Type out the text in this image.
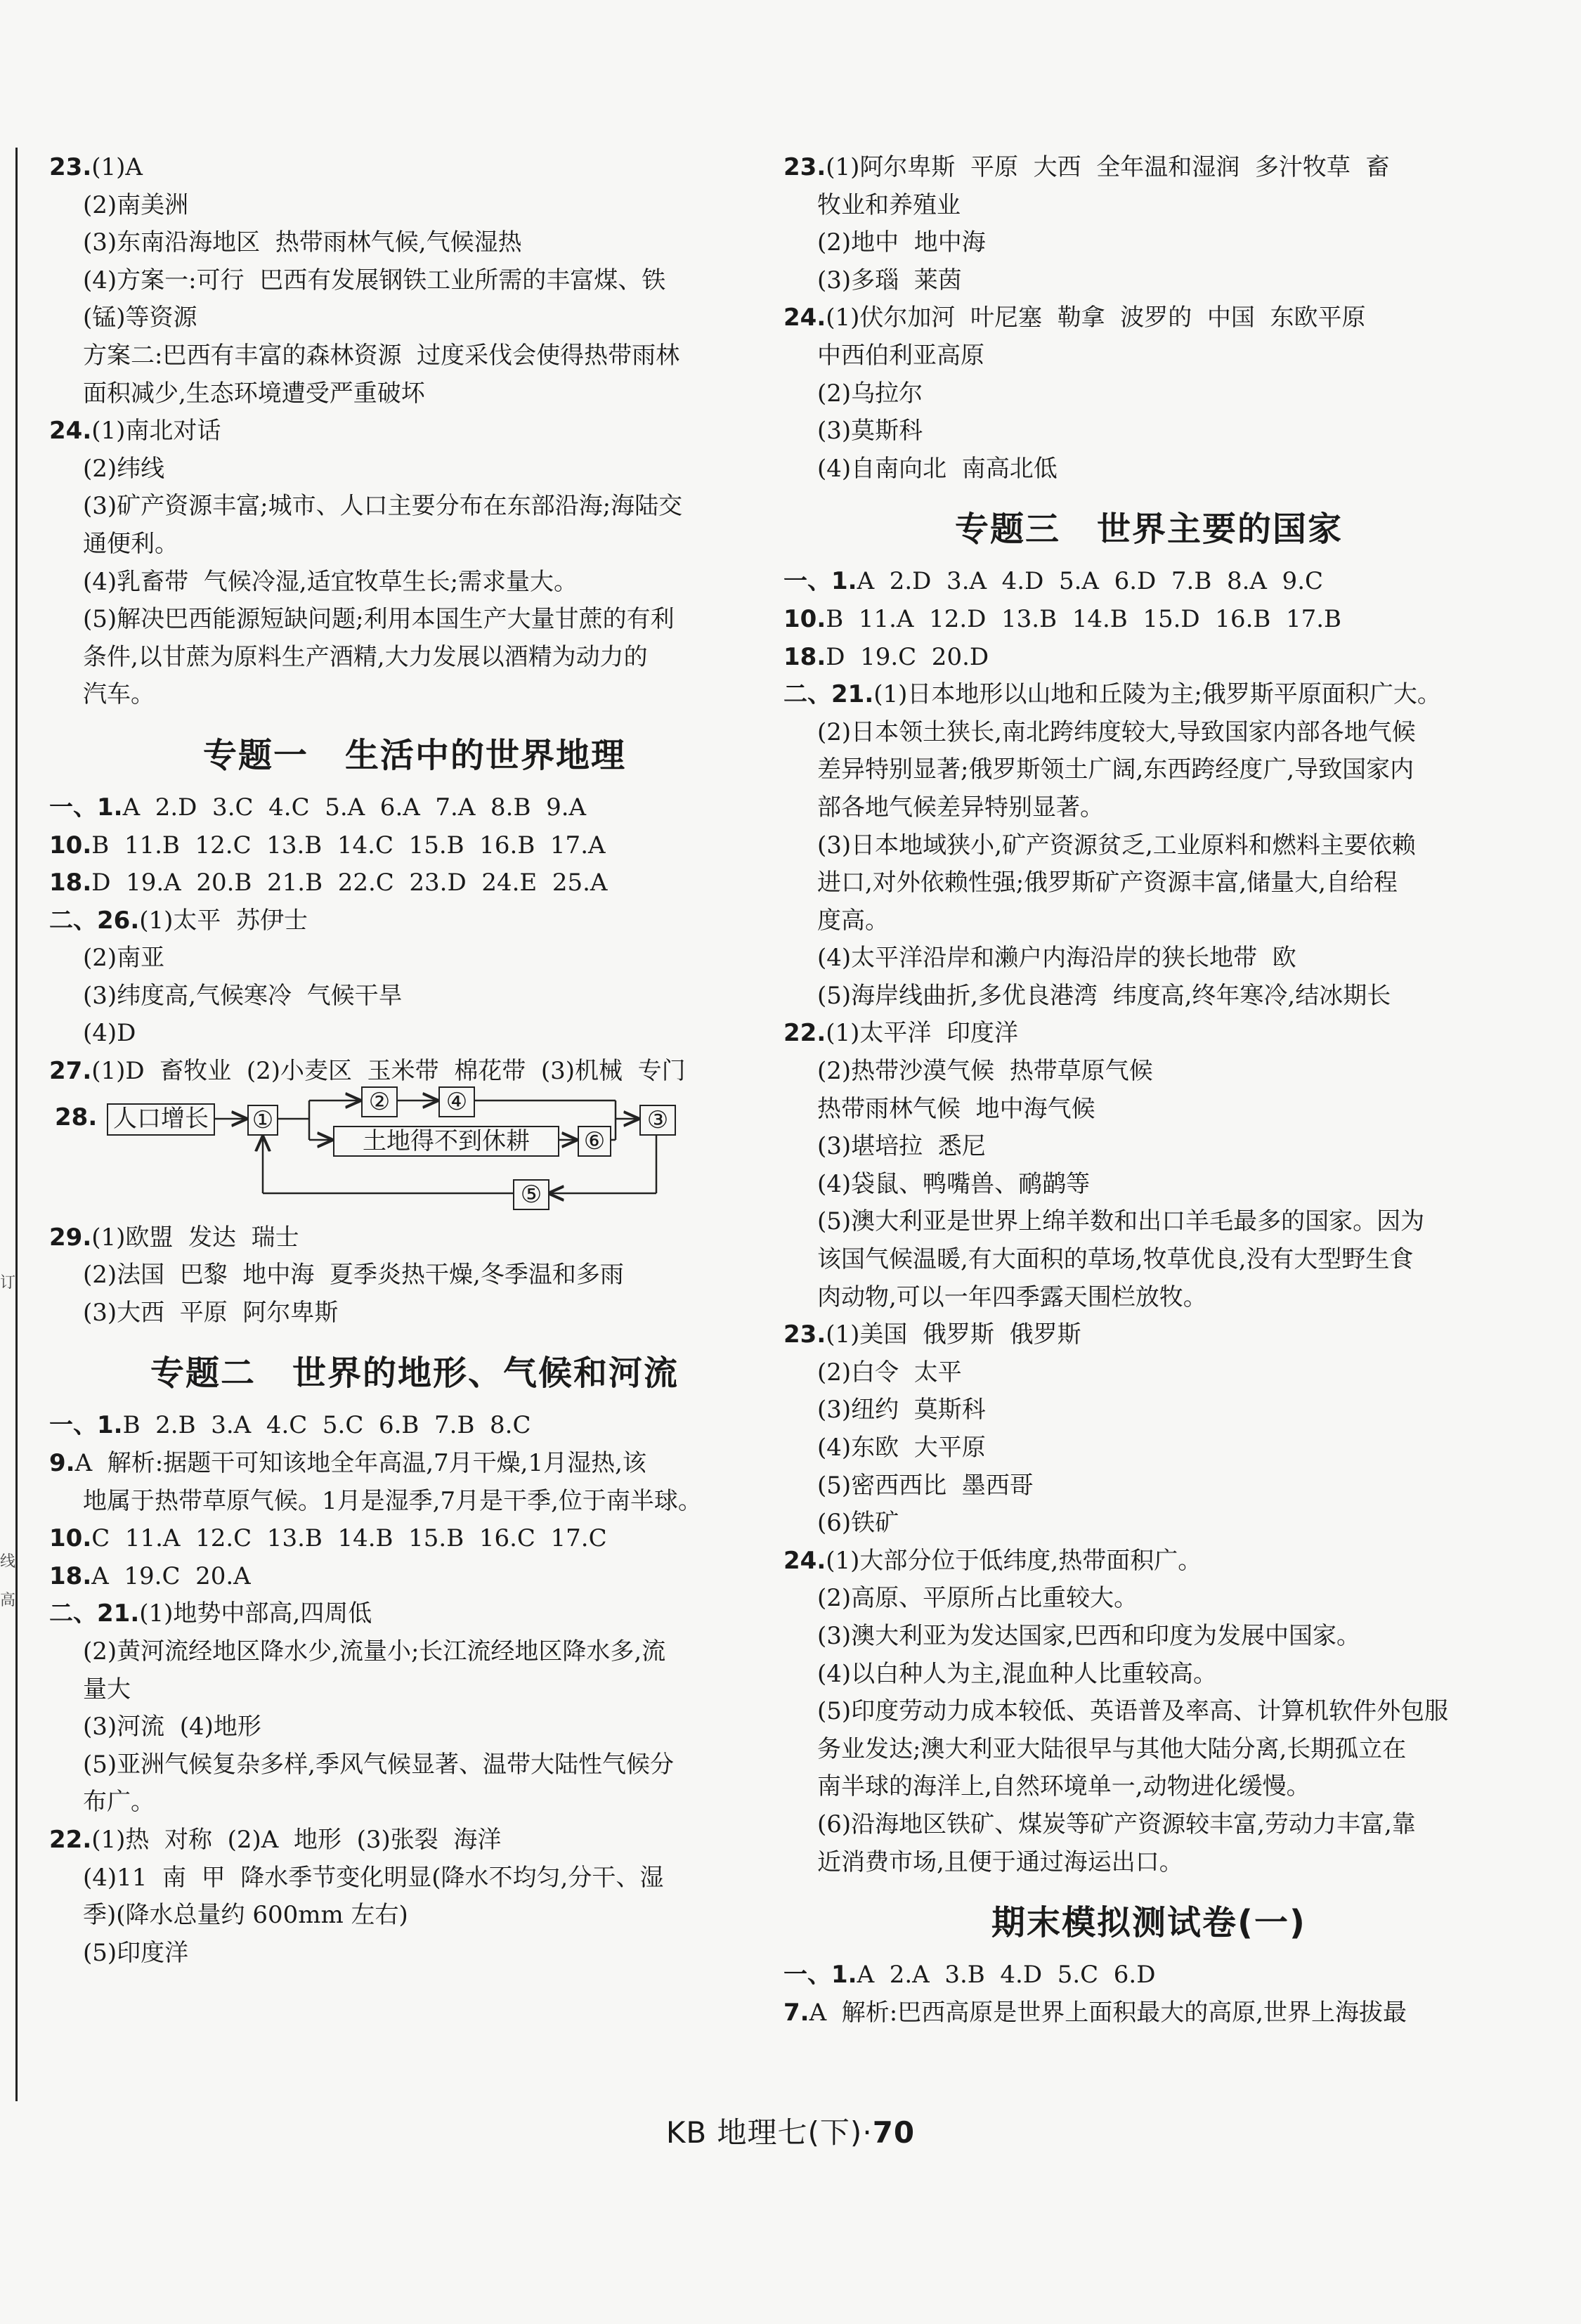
订
线
高
23.(1)A
(2)南美洲
(3)东南沿海地区  热带雨林气候,气候湿热
(4)方案一:可行  巴西有发展钢铁工业所需的丰富煤、铁
(锰)等资源
方案二:巴西有丰富的森林资源  过度采伐会使得热带雨林
面积减少,生态环境遭受严重破坏
24.(1)南北对话
(2)纬线
(3)矿产资源丰富;城市、人口主要分布在东部沿海;海陆交
通便利。
(4)乳畜带  气候冷湿,适宜牧草生长;需求量大。
(5)解决巴西能源短缺问题;利用本国生产大量甘蔗的有利
条件,以甘蔗为原料生产酒精,大力发展以酒精为动力的
汽车。
专题一 生活中的世界地理
一、1.A  2.D  3.C  4.C  5.A  6.A  7.A  8.B  9.A
10.B  11.B  12.C  13.B  14.C  15.B  16.B  17.A
18.D  19.A  20.B  21.B  22.C  23.D  24.E  25.A
二、26.(1)太平  苏伊士
(2)南亚
(3)纬度高,气候寒冷  气候干旱
(4)D
27.(1)D  畜牧业  (2)小麦区  玉米带  棉花带  (3)机械  专门
人口增长
28.	①
②	④
土地得不到休耕	⑥
③
⑤
29.(1)欧盟  发达  瑞士
(2)法国  巴黎  地中海  夏季炎热干燥,冬季温和多雨
(3)大西  平原  阿尔卑斯
专题二 世界的地形、气候和河流
一、1.B  2.B  3.A  4.C  5.C  6.B  7.B  8.C
9.A  解析:据题干可知该地全年高温,7月干燥,1月湿热,该
地属于热带草原气候。1月是湿季,7月是干季,位于南半球。
10.C  11.A  12.C  13.B  14.B  15.B  16.C  17.C
18.A  19.C  20.A
二、21.(1)地势中部高,四周低
(2)黄河流经地区降水少,流量小;长江流经地区降水多,流
量大
(3)河流  (4)地形
(5)亚洲气候复杂多样,季风气候显著、温带大陆性气候分
布广。
22.(1)热  对称  (2)A  地形  (3)张裂  海洋
(4)11  南  甲  降水季节变化明显(降水不均匀,分干、湿
季)(降水总量约 600mm 左右)
(5)印度洋
23.(1)阿尔卑斯  平原  大西  全年温和湿润  多汁牧草  畜
牧业和养殖业
(2)地中  地中海
(3)多瑙  莱茵
24.(1)伏尔加河  叶尼塞  勒拿  波罗的  中国  东欧平原
中西伯利亚高原
(2)乌拉尔
(3)莫斯科
(4)自南向北  南高北低
专题三 世界主要的国家
一、1.A  2.D  3.A  4.D  5.A  6.D  7.B  8.A  9.C
10.B  11.A  12.D  13.B  14.B  15.D  16.B  17.B
18.D  19.C  20.D
二、21.(1)日本地形以山地和丘陵为主;俄罗斯平原面积广大。
(2)日本领土狭长,南北跨纬度较大,导致国家内部各地气候
差异特别显著;俄罗斯领土广阔,东西跨经度广,导致国家内
部各地气候差异特别显著。
(3)日本地域狭小,矿产资源贫乏,工业原料和燃料主要依赖
进口,对外依赖性强;俄罗斯矿产资源丰富,储量大,自给程
度高。
(4)太平洋沿岸和濑户内海沿岸的狭长地带  欧
(5)海岸线曲折,多优良港湾  纬度高,终年寒冷,结冰期长
22.(1)太平洋  印度洋
(2)热带沙漠气候  热带草原气候
热带雨林气候  地中海气候
(3)堪培拉  悉尼
(4)袋鼠、鸭嘴兽、鸸鹋等
(5)澳大利亚是世界上绵羊数和出口羊毛最多的国家。因为
该国气候温暖,有大面积的草场,牧草优良,没有大型野生食
肉动物,可以一年四季露天围栏放牧。
23.(1)美国  俄罗斯  俄罗斯
(2)白令  太平
(3)纽约  莫斯科
(4)东欧  大平原
(5)密西西比  墨西哥
(6)铁矿
24.(1)大部分位于低纬度,热带面积广。
(2)高原、平原所占比重较大。
(3)澳大利亚为发达国家,巴西和印度为发展中国家。
(4)以白种人为主,混血种人比重较高。
(5)印度劳动力成本较低、英语普及率高、计算机软件外包服
务业发达;澳大利亚大陆很早与其他大陆分离,长期孤立在
南半球的海洋上,自然环境单一,动物进化缓慢。
(6)沿海地区铁矿、煤炭等矿产资源较丰富,劳动力丰富,靠
近消费市场,且便于通过海运出口。
期末模拟测试卷(一)
一、1.A  2.A  3.B  4.D  5.C  6.D
7.A  解析:巴西高原是世界上面积最大的高原,世界上海拔最
KB 地理七(下)·70
